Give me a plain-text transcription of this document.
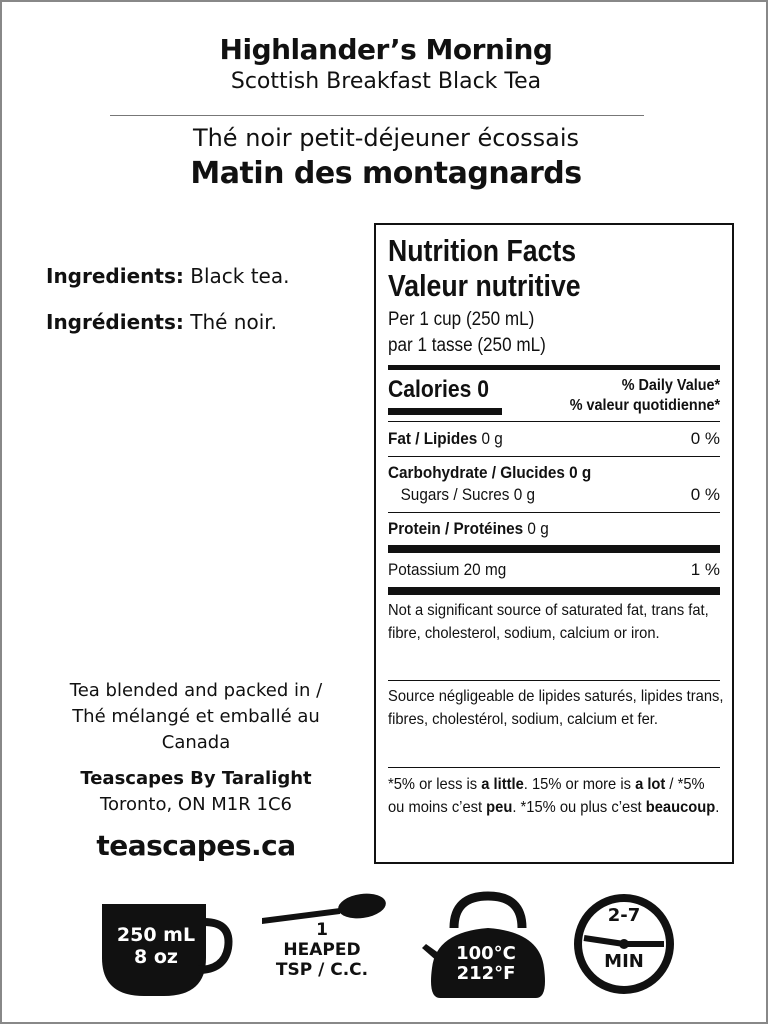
Highlander’s Morning
Scottish Breakfast Black Tea
Thé noir petit-déjeuner écossais
Matin des montagnards
Ingredients: Black tea.
Ingrédients: Thé noir.
Tea blended and packed in /
Thé mélangé et emballé au
Canada
Teascapes By Taralight
Toronto, ON M1R 1C6
teascapes.ca
Nutrition Facts
Valeur nutritive
Per 1 cup (250 mL)
par 1 tasse (250 mL)
Calories 0	% Daily Value*
% valeur quotidienne*
Fat / Lipides 0 g	0 %
Carbohydrate / Glucides 0 g
Sugars / Sucres 0 g	0 %
Protein / Protéines 0 g
Potassium 20 mg	1 %
Not a significant source of saturated fat, trans fat, fibre, cholesterol, sodium, calcium or iron.
Source négligeable de lipides saturés, lipides trans, fibres, cholestérol, sodium, calcium et fer.
*5% or less is a little. 15% or more is a lot / *5% ou moins c’est peu. *15% ou plus c’est beaucoup.
250 mL
8 oz
1
HEAPED
TSP / C.C.
100°C
212°F
2-7
MIN
